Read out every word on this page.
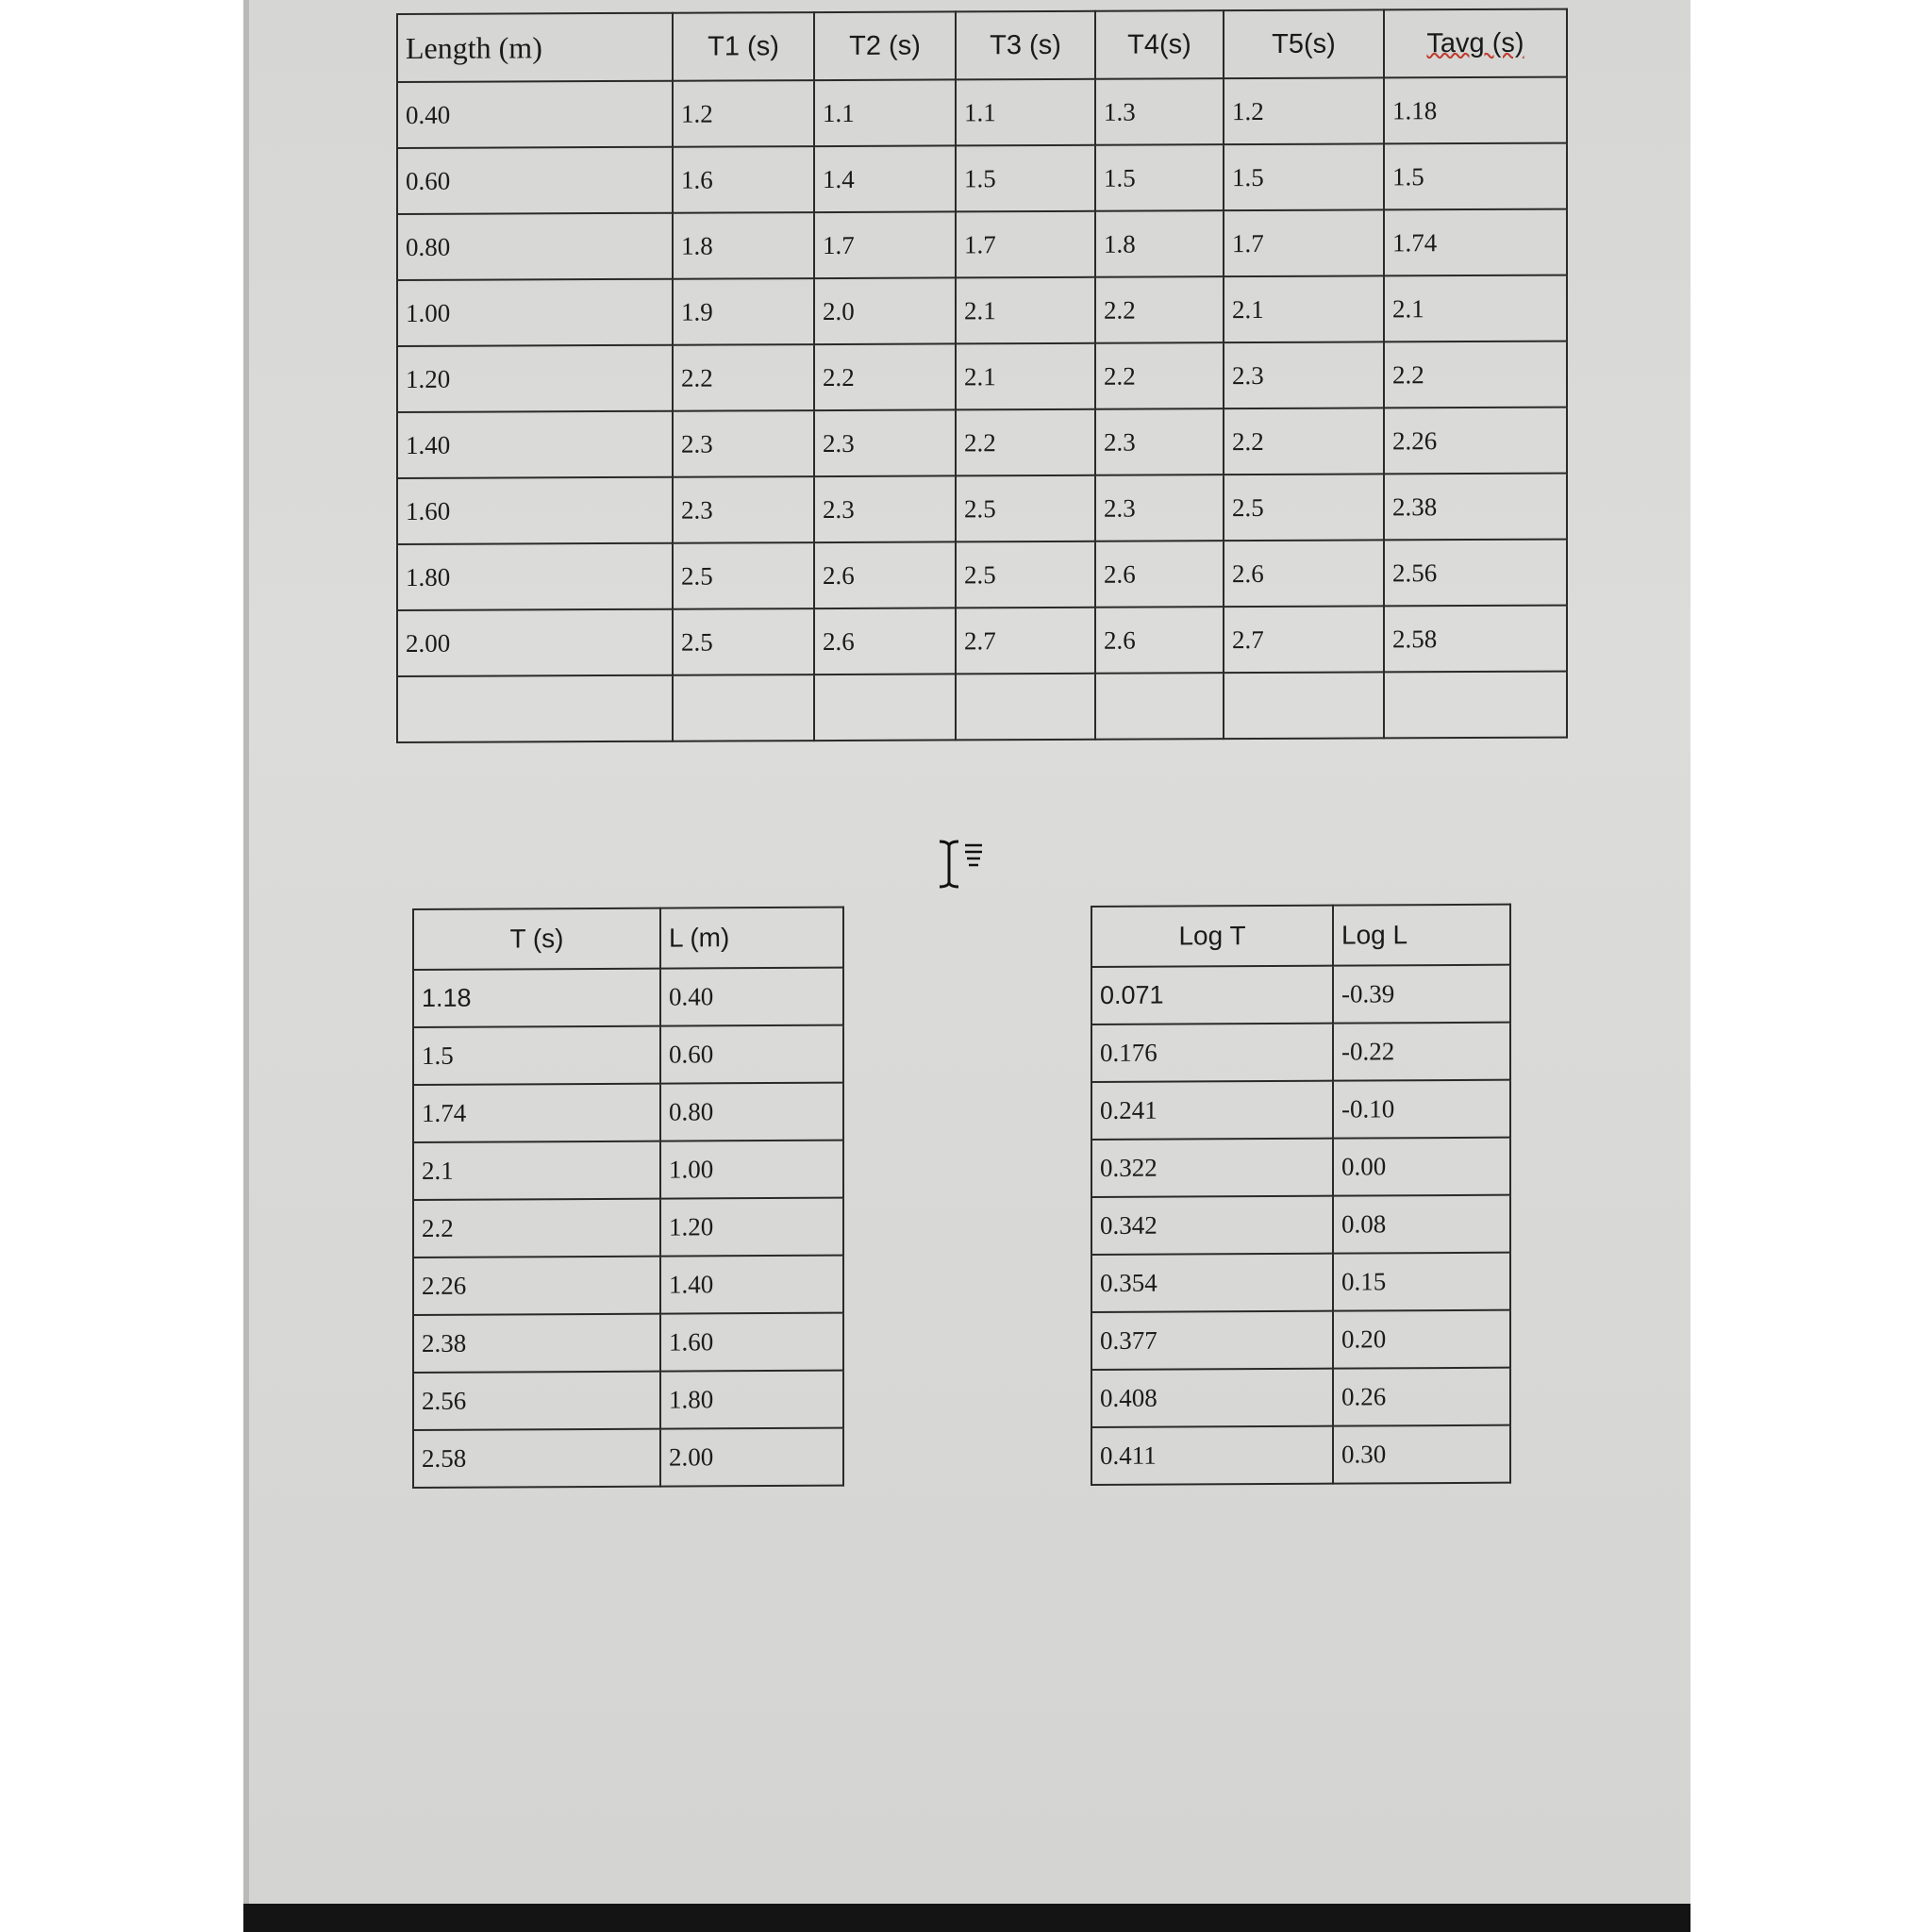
Length (m)	T1 (s)	T2 (s)	T3 (s)	T4(s)	T5(s)	Tavg (s)
0.40	1.2	1.1	1.1	1.3	1.2	1.18
0.60	1.6	1.4	1.5	1.5	1.5	1.5
0.80	1.8	1.7	1.7	1.8	1.7	1.74
1.00	1.9	2.0	2.1	2.2	2.1	2.1
1.20	2.2	2.2	2.1	2.2	2.3	2.2
1.40	2.3	2.3	2.2	2.3	2.2	2.26
1.60	2.3	2.3	2.5	2.3	2.5	2.38
1.80	2.5	2.6	2.5	2.6	2.6	2.56
2.00	2.5	2.6	2.7	2.6	2.7	2.58

T (s)	L (m)
1.18	0.40
1.5	0.60
1.74	0.80
2.1	1.00
2.2	1.20
2.26	1.40
2.38	1.60
2.56	1.80
2.58	2.00
Log T	Log L
0.071	-0.39
0.176	-0.22
0.241	-0.10
0.322	0.00
0.342	0.08
0.354	0.15
0.377	0.20
0.408	0.26
0.411	0.30
